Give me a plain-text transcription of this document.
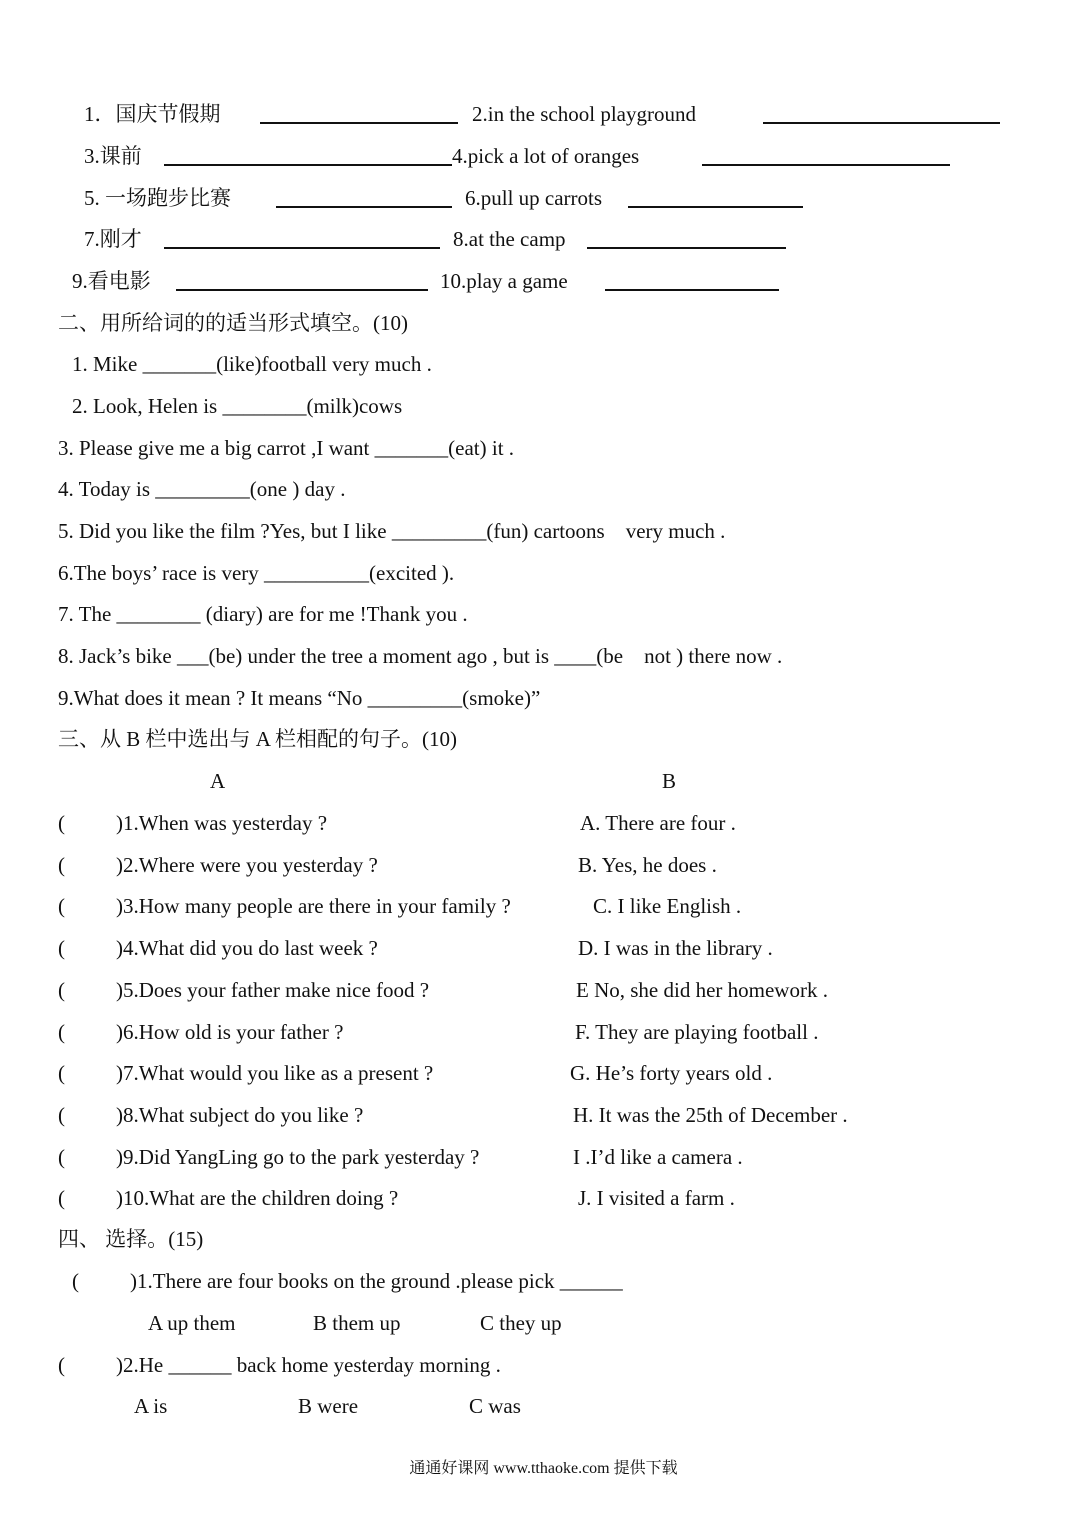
1．国庆节假期	2.in the school playground
3.课前	4.pick a lot of oranges
5. 一场跑步比赛	6.pull up carrots
7.刚才	8.at the camp
9.看电影	10.play a game
二、用所给词的的适当形式填空。(10)
1. Mike _______(like)football very much .
2. Look, Helen is ________(milk)cows
3. Please give me a big carrot ,I want _______(eat) it .
4. Today is _________(one ) day .
5. Did you like the film ?Yes, but I like _________(fun) cartoons    very much .
6.The boys’ race is very __________(excited ).
7. The ________ (diary) are for me !Thank you .
8. Jack’s bike ___(be) under the tree a moment ago , but is ____(be    not ) there now .
9.What does it mean ? It means “No _________(smoke)”
三、从 B 栏中选出与 A 栏相配的句子。(10)
A	B
( )1.When was yesterday ?	A. There are four .
( )2.Where were you yesterday ?	B. Yes, he does .
( )3.How many people are there in your family ?	C. I like English .
( )4.What did you do last week ?	D. I was in the library .
( )5.Does your father make nice food ?	E No, she did her homework .
( )6.How old is your father ?	F. They are playing football .
( )7.What would you like as a present ?	G. He’s forty years old .
( )8.What subject do you like ?	H. It was the 25th of December .
( )9.Did YangLing go to the park yesterday ?	I .I’d like a camera .
( )10.What are the children doing ?	J. I visited a farm .
四、 选择。(15)
( )1.There are four books on the ground .please pick ______
A up them	B them up	C they up
( )2.He ______ back home yesterday morning .
A is	B were	C was
通通好课网 www.tthaoke.com 提供下载
